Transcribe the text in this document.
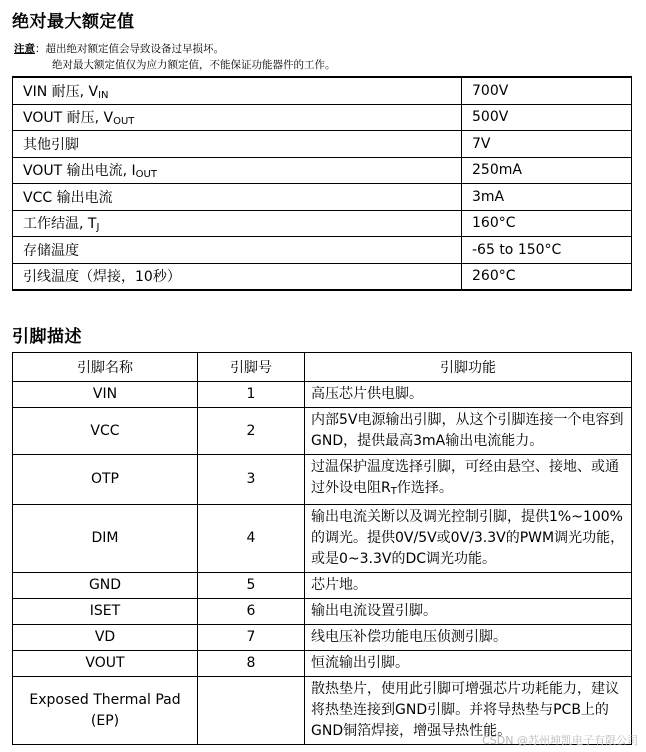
绝对最大额定值
注意：超出绝对额定值会导致设备过早损坏。
绝对最大额定值仅为应力额定值，不能保证功能器件的工作。
VIN 耐压, $V_{IN}$	700V
VOUT 耐压, $V_{OUT}$	500V
其他引脚	7V
VOUT 输出电流, $I_{OUT}$	250mA
VCC 输出电流	3mA
工作结温, $T_J$	160°C
存储温度	-65 to 150°C
引线温度（焊接，10秒）	260°C
引脚描述
引脚名称	引脚号	引脚功能
VIN	1	高压芯片供电脚。
VCC	2	内部5V电源输出引脚，从这个引脚连接一个电容到GND，提供最高3mA输出电流能力。
OTP	3	过温保护温度选择引脚，可经由悬空、接地、或通过外设电阻$R_T$作选择。
DIM	4	输出电流关断以及调光控制引脚，提供1%~100%的调光。提供0V/5V或0V/3.3V的PWM调光功能，或是0~3.3V的DC调光功能。
GND	5	芯片地。
ISET	6	输出电流设置引脚。
VD	7	线电压补偿功能电压侦测引脚。
VOUT	8	恒流输出引脚。

Exposed Thermal Pad
(EP)		散热垫片，使用此引脚可增强芯片功耗能力，建议将热垫连接到GND引脚。并将导热垫与PCB上的GND铜箔焊接，增强导热性能。
CSDN @苏州坤凯电子有限公司
